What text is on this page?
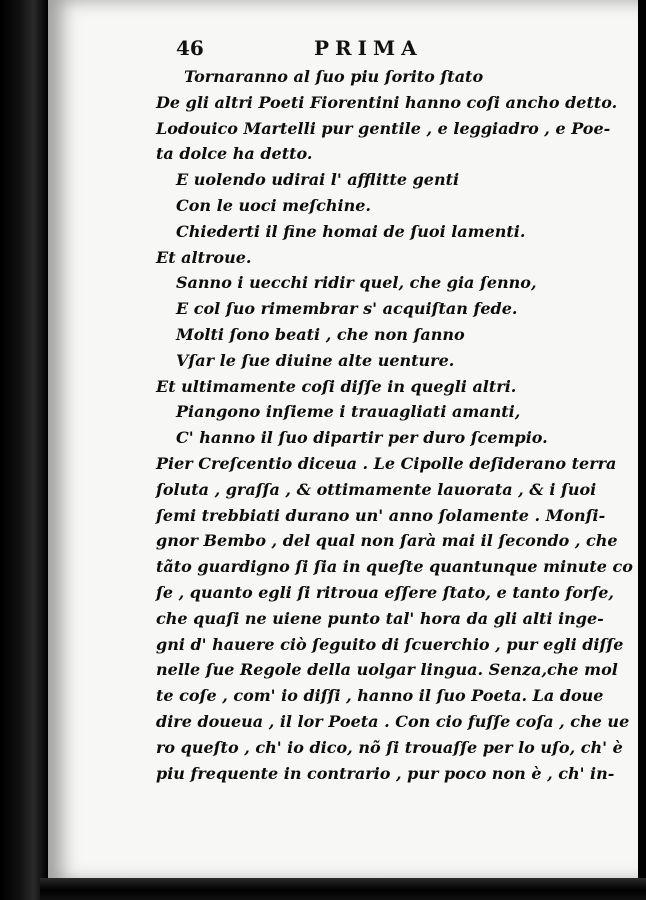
46	PRIMA
Tornaranno al ſuo piu ſorito ſtato
De gli altri Poeti Fiorentini hanno coſi ancho detto.
Lodouico Martelli pur gentile , e leggiadro , e Poe-
ta dolce ha detto.
E uolendo udirai l' afflitte genti
Con le uoci meſchine.
Chiederti il fine homai de ſuoi lamenti.
Et altroue.
Sanno i uecchi ridir quel, che gia ſenno,
E col ſuo rimembrar s' acquiſtan fede.
Molti ſono beati , che non ſanno
Vſar le ſue diuine alte uenture.
Et ultimamente coſi diſſe in quegli altri.
Piangono inſieme i trauagliati amanti,
C' hanno il ſuo dipartir per duro ſcempio.
Pier Creſcentio diceua . Le Cipolle deſiderano terra
ſoluta , graſſa , & ottimamente lauorata , & i ſuoi
ſemi trebbiati durano un' anno ſolamente . Monſi-
gnor Bembo , del qual non ſarà mai il ſecondo , che
tãto guardigno ſi ſia in queſte quantunque minute co
ſe , quanto egli ſi ritroua eſſere ſtato, e tanto forſe,
che quaſi ne uiene punto tal' hora da gli alti inge-
gni d' hauere ciò ſeguito di ſcuerchio , pur egli diſſe
nelle ſue Regole della uolgar lingua. Senza,che mol
te coſe , com' io diſſi , hanno il ſuo Poeta. La doue
dire doueua , il lor Poeta . Con cio fuſſe coſa , che ue
ro queſto , ch' io dico, nõ ſi trouaſſe per lo uſo, ch' è
piu frequente in contrario , pur poco non è , ch' in-
